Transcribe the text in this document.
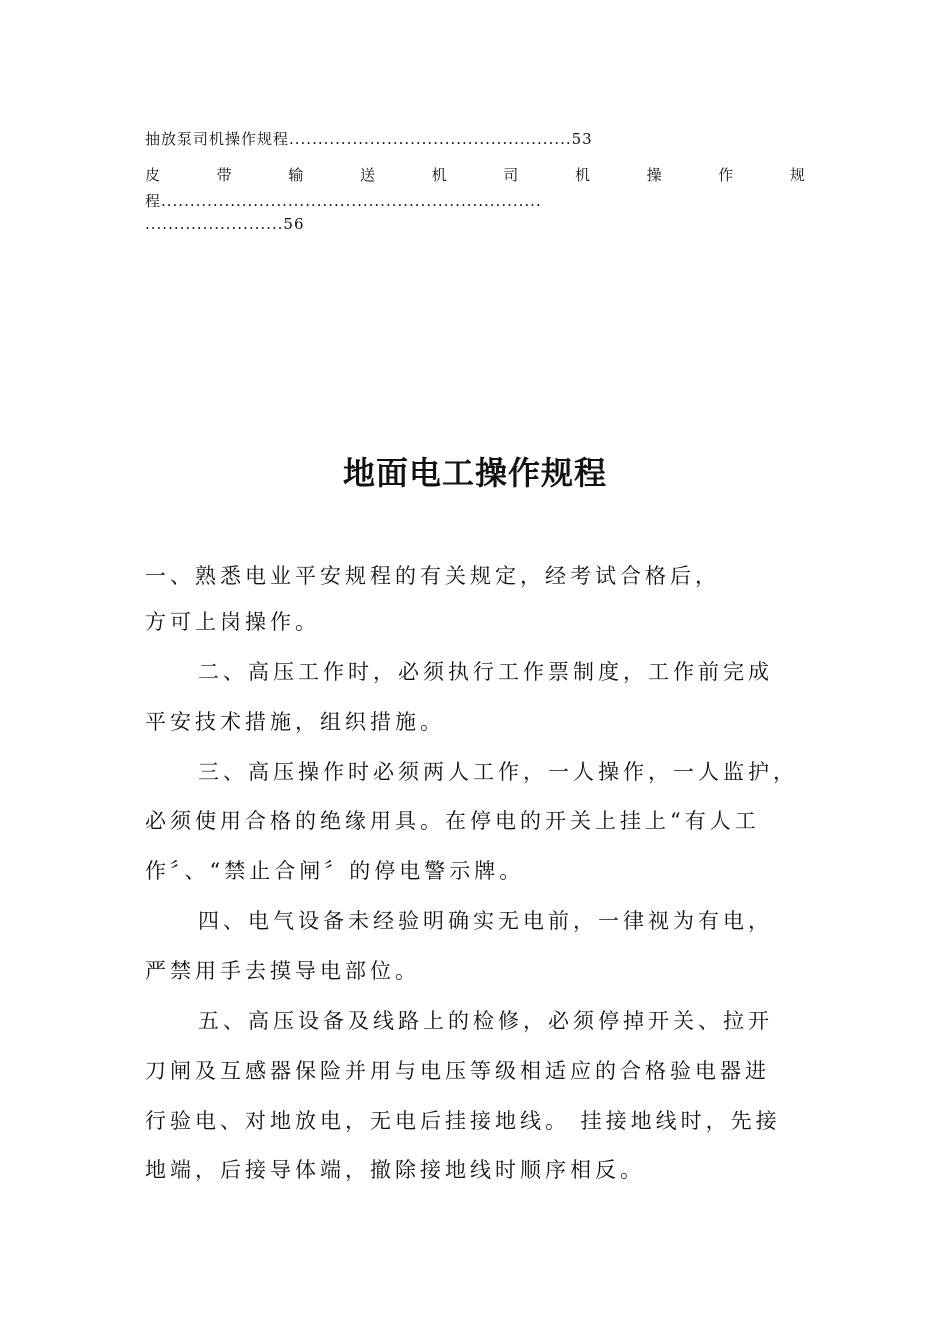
抽放泵司机操作规程.................................................53
皮	带	输	送	机	司	机	操	作	规
程..................................................................
........................56
地面电工操作规程
一、熟悉电业平安规程的有关规定，经考试合格后，
方可上岗操作。
二、高压工作时，必须执行工作票制度，工作前完成
平安技术措施，组织措施。
三、高压操作时必须两人工作，一人操作，一人监护，
必须使用合格的绝缘用具。在停电的开关上挂上“有人工
作〞、“禁止合闸〞的停电警示牌。
四、电气设备未经验明确实无电前，一律视为有电，
严禁用手去摸导电部位。
五、高压设备及线路上的检修，必须停掉开关、拉开
刀闸及互感器保险并用与电压等级相适应的合格验电器进
行验电、对地放电，无电后挂接地线。 挂接地线时，先接
地端，后接导体端，撤除接地线时顺序相反。
